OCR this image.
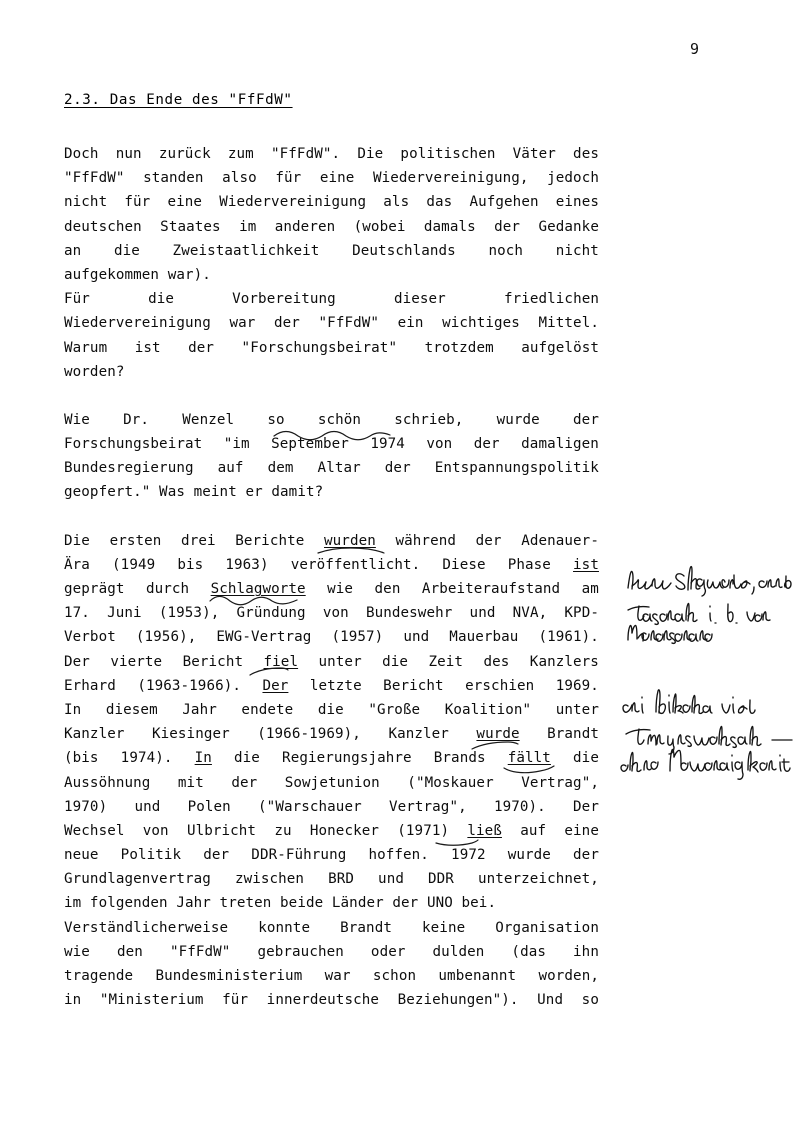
9
2.3. Das Ende des "FfFdW"
Doch nun zurück zum "FfFdW". Die politischen Väter des
"FfFdW" standen also für eine Wiedervereinigung, jedoch
nicht für eine Wiedervereinigung als das Aufgehen eines
deutschen Staates im anderen (wobei damals der Gedanke
an die Zweistaatlichkeit Deutschlands noch nicht
aufgekommen war).
Für	die	Vorbereitung	dieser	friedlichen
Wiedervereinigung war der "FfFdW" ein wichtiges Mittel.
Warum ist der "Forschungsbeirat" trotzdem aufgelöst
worden?
Wie Dr. Wenzel so schön schrieb, wurde der
Forschungsbeirat "im September 1974 von der damaligen
Bundesregierung auf dem Altar der Entspannungspolitik
geopfert." Was meint er damit?
Die ersten drei Berichte wurden während der Adenauer-
Ära (1949 bis 1963) veröffentlicht. Diese Phase ist
geprägt durch Schlagworte wie den Arbeiteraufstand am
17. Juni (1953), Gründung von Bundeswehr und NVA, KPD-
Verbot (1956), EWG-Vertrag (1957) und Mauerbau (1961).
Der vierte Bericht fiel unter die Zeit des Kanzlers
Erhard (1963-1966). Der letzte Bericht erschien 1969.
In diesem Jahr endete die "Große Koalition" unter
Kanzler Kiesinger (1966-1969), Kanzler wurde Brandt
(bis 1974). In die Regierungsjahre Brands fällt die
Aussöhnung mit der Sowjetunion ("Moskauer Vertrag",
1970) und Polen ("Warschauer Vertrag", 1970). Der
Wechsel von Ulbricht zu Honecker (1971) ließ auf eine
neue Politik der DDR-Führung hoffen. 1972 wurde der
Grundlagenvertrag zwischen BRD und DDR unterzeichnet,
im folgenden Jahr treten beide Länder der UNO bei.
Verständlicherweise konnte Brandt keine Organisation
wie den "FfFdW" gebrauchen oder dulden (das ihn
tragende Bundesministerium war schon umbenannt worden,
in "Ministerium für innerdeutsche Beziehungen"). Und so
